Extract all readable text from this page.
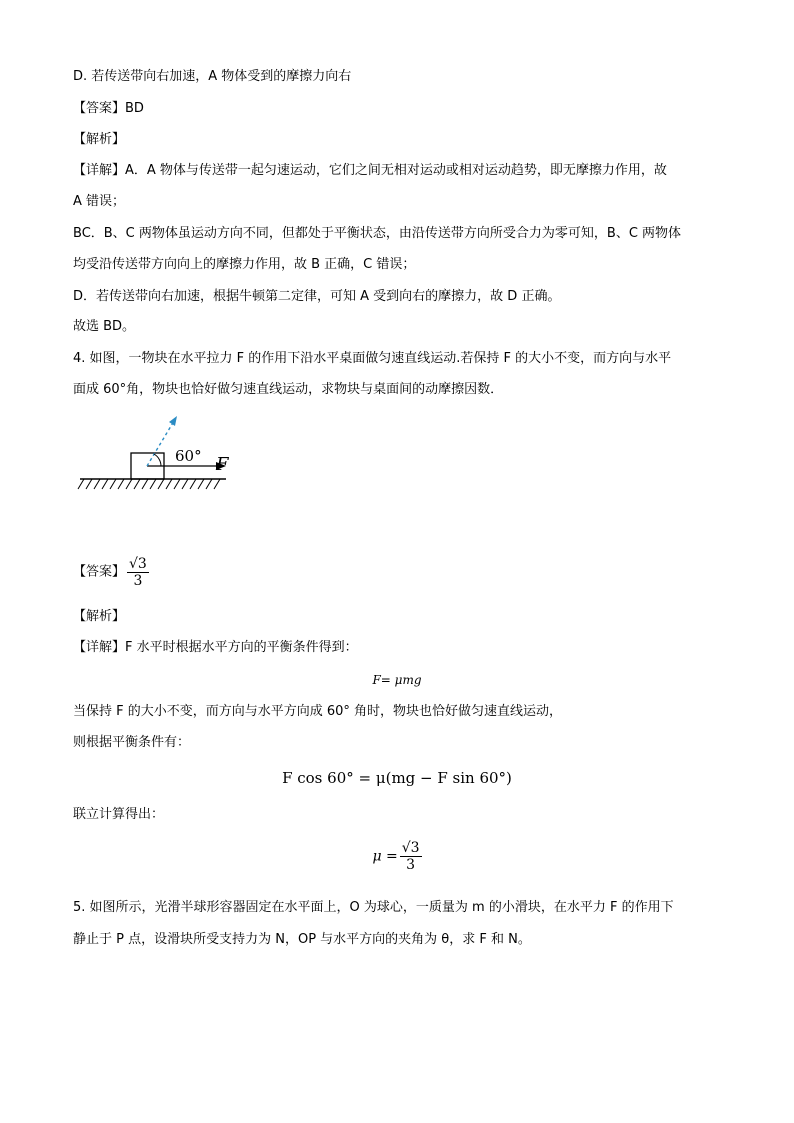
D. 若传送带向右加速，A 物体受到的摩擦力向右
【答案】BD
【解析】
【详解】A．A 物体与传送带一起匀速运动，它们之间无相对运动或相对运动趋势，即无摩擦力作用，故
A 错误；
BC．B、C 两物体虽运动方向不同，但都处于平衡状态，由沿传送带方向所受合力为零可知，B、C 两物体
均受沿传送带方向向上的摩擦力作用，故 B 正确，C 错误；
D．若传送带向右加速，根据牛顿第二定律，可知 A 受到向右的摩擦力，故 D 正确。
故选 BD。
4. 如图，一物块在水平拉力 F 的作用下沿水平桌面做匀速直线运动.若保持 F 的大小不变，而方向与水平
面成 60°角，物块也恰好做匀速直线运动，求物块与桌面间的动摩擦因数．
60° F
【答案】 $\frac{√3}{3}$
【解析】
【详解】F 水平时根据水平方向的平衡条件得到：
F= μmg
当保持 F 的大小不变，而方向与水平方向成 60° 角时，物块也恰好做匀速直线运动，
则根据平衡条件有：
F cos 60° = μ(mg − F sin 60°)
联立计算得出：
$\mu = \frac{√3}{3}$
5. 如图所示，光滑半球形容器固定在水平面上，O 为球心，一质量为 m 的小滑块，在水平力 F 的作用下
静止于 P 点，设滑块所受支持力为 N，OP 与水平方向的夹角为 θ，求 F 和 N。
